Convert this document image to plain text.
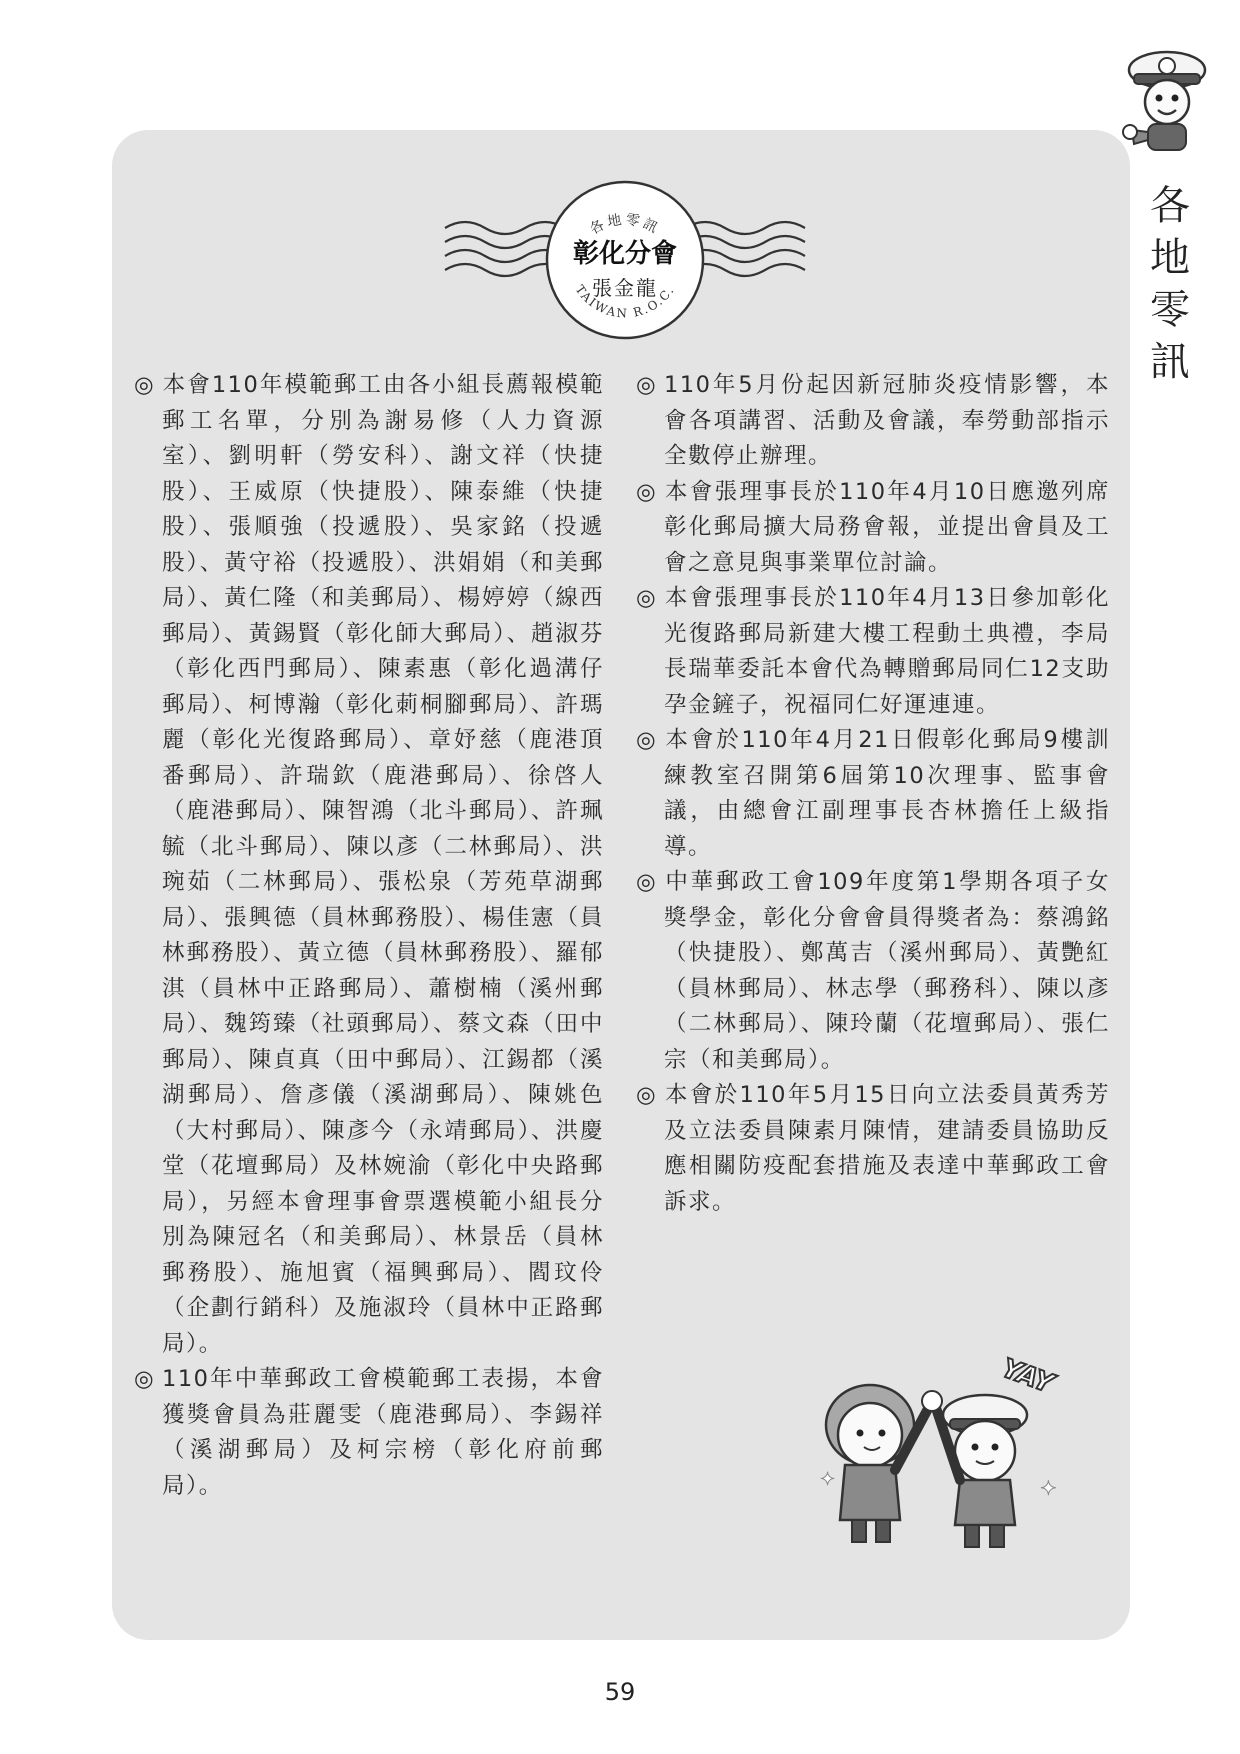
各
地
零
訊
各地零訊
彰化分會
張金龍
TAIWAN R.O.C.

◎ 本會110年模範郵工由各小組長薦報模範郵工名單，分別為謝易修（人力資源室）、劉明軒（勞安科）、謝文祥（快捷股）、王威原（快捷股）、陳泰維（快捷股）、張順強（投遞股）、吳家銘（投遞股）、黃守裕（投遞股）、洪娟娟（和美郵局）、黃仁隆（和美郵局）、楊婷婷（線西郵局）、黃錫賢（彰化師大郵局）、趙淑芬（彰化西門郵局）、陳素惠（彰化過溝仔郵局）、柯博瀚（彰化莿桐腳郵局）、許瑪麗（彰化光復路郵局）、章妤慈（鹿港頂番郵局）、許瑞欽（鹿港郵局）、徐啓人（鹿港郵局）、陳智鴻（北斗郵局）、許珮毓（北斗郵局）、陳以彥（二林郵局）、洪琬茹（二林郵局）、張松泉（芳苑草湖郵局）、張興德（員林郵務股）、楊佳憲（員林郵務股）、黃立德（員林郵務股）、羅郁淇（員林中正路郵局）、蕭樹楠（溪州郵局）、魏筠臻（社頭郵局）、蔡文森（田中郵局）、陳貞真（田中郵局）、江錫都（溪湖郵局）、詹彥儀（溪湖郵局）、陳姚色（大村郵局）、陳彥今（永靖郵局）、洪慶堂（花壇郵局）及林婉渝（彰化中央路郵局），另經本會理事會票選模範小組長分別為陳冠名（和美郵局）、林景岳（員林郵務股）、施旭賓（福興郵局）、閻玟伶（企劃行銷科）及施淑玲（員林中正路郵局）。

◎ 110年中華郵政工會模範郵工表揚，本會獲獎會員為莊麗雯（鹿港郵局）、李錫祥（溪湖郵局）及柯宗榜（彰化府前郵局）。

◎ 110年5月份起因新冠肺炎疫情影響，本會各項講習、活動及會議，奉勞動部指示全數停止辦理。

◎ 本會張理事長於110年4月10日應邀列席彰化郵局擴大局務會報，並提出會員及工會之意見與事業單位討論。

◎ 本會張理事長於110年4月13日參加彰化光復路郵局新建大樓工程動土典禮，李局長瑞華委託本會代為轉贈郵局同仁12支助孕金鏟子，祝福同仁好運連連。

◎ 本會於110年4月21日假彰化郵局9樓訓練教室召開第6屆第10次理事、監事會議，由總會江副理事長杏林擔任上級指導。

◎ 中華郵政工會109年度第1學期各項子女獎學金，彰化分會會員得獎者為：蔡鴻銘（快捷股）、鄭萬吉（溪州郵局）、黃艷紅（員林郵局）、林志學（郵務科）、陳以彥（二林郵局）、陳玲蘭（花壇郵局）、張仁宗（和美郵局）。

◎ 本會於110年5月15日向立法委員黃秀芳及立法委員陳素月陳情，建請委員協助反應相關防疫配套措施及表達中華郵政工會訴求。

YAY
✦	✦
59
